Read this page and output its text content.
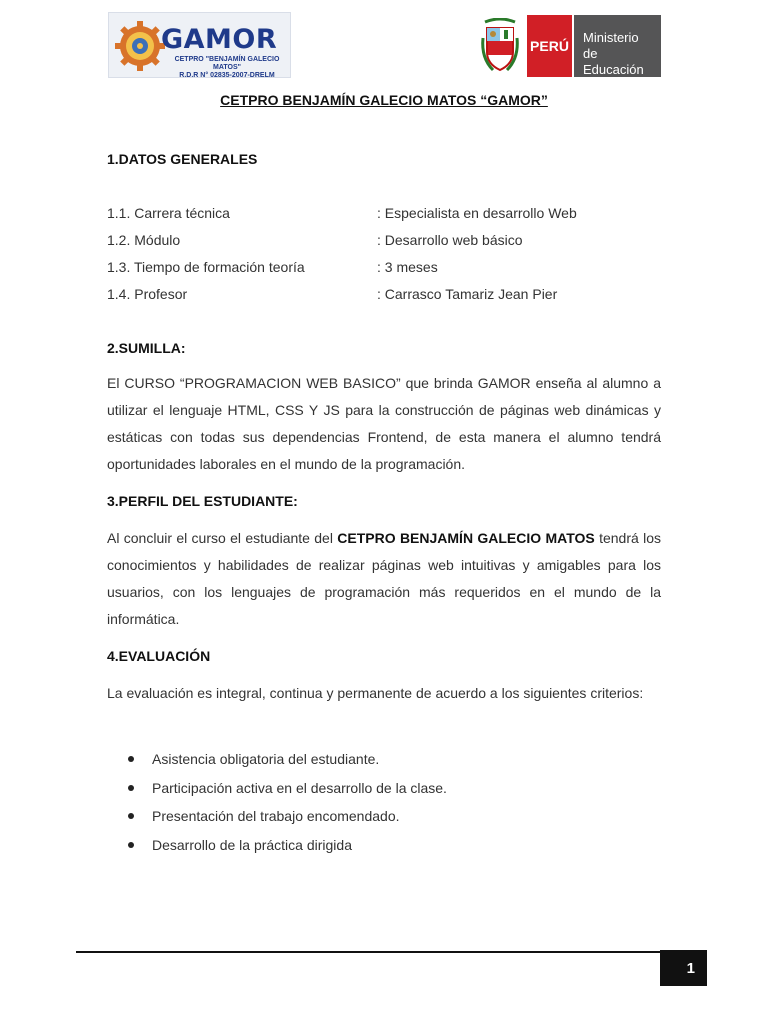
GAMOR
CETPRO "BENJAMÍN GALECIO MATOS"
R.D.R N° 02835-2007-DRELM
PERÚ
Ministerio
de Educación
CETPRO BENJAMÍN GALECIO MATOS “GAMOR”
1.DATOS GENERALES
1.1. Carrera técnica	: Especialista en desarrollo Web
1.2. Módulo	: Desarrollo web básico
1.3. Tiempo de formación teoría	: 3 meses
1.4. Profesor	: Carrasco Tamariz Jean Pier
2.SUMILLA:
El CURSO “PROGRAMACION WEB BASICO” que brinda GAMOR enseña al alumno a utilizar el lenguaje HTML, CSS Y JS para la construcción de páginas web dinámicas y estáticas con todas sus dependencias Frontend, de esta manera el alumno tendrá oportunidades laborales en el mundo de la programación.
3.PERFIL DEL ESTUDIANTE:
Al concluir el curso el estudiante del CETPRO BENJAMÍN GALECIO MATOS tendrá los conocimientos y habilidades de realizar páginas web intuitivas y amigables para los usuarios, con los lenguajes de programación más requeridos en el mundo de la informática.
4.EVALUACIÓN
La evaluación es integral, continua y permanente de acuerdo a los siguientes criterios:
Asistencia obligatoria del estudiante.
Participación activa en el desarrollo de la clase.
Presentación del trabajo encomendado.
Desarrollo de la práctica dirigida
1
